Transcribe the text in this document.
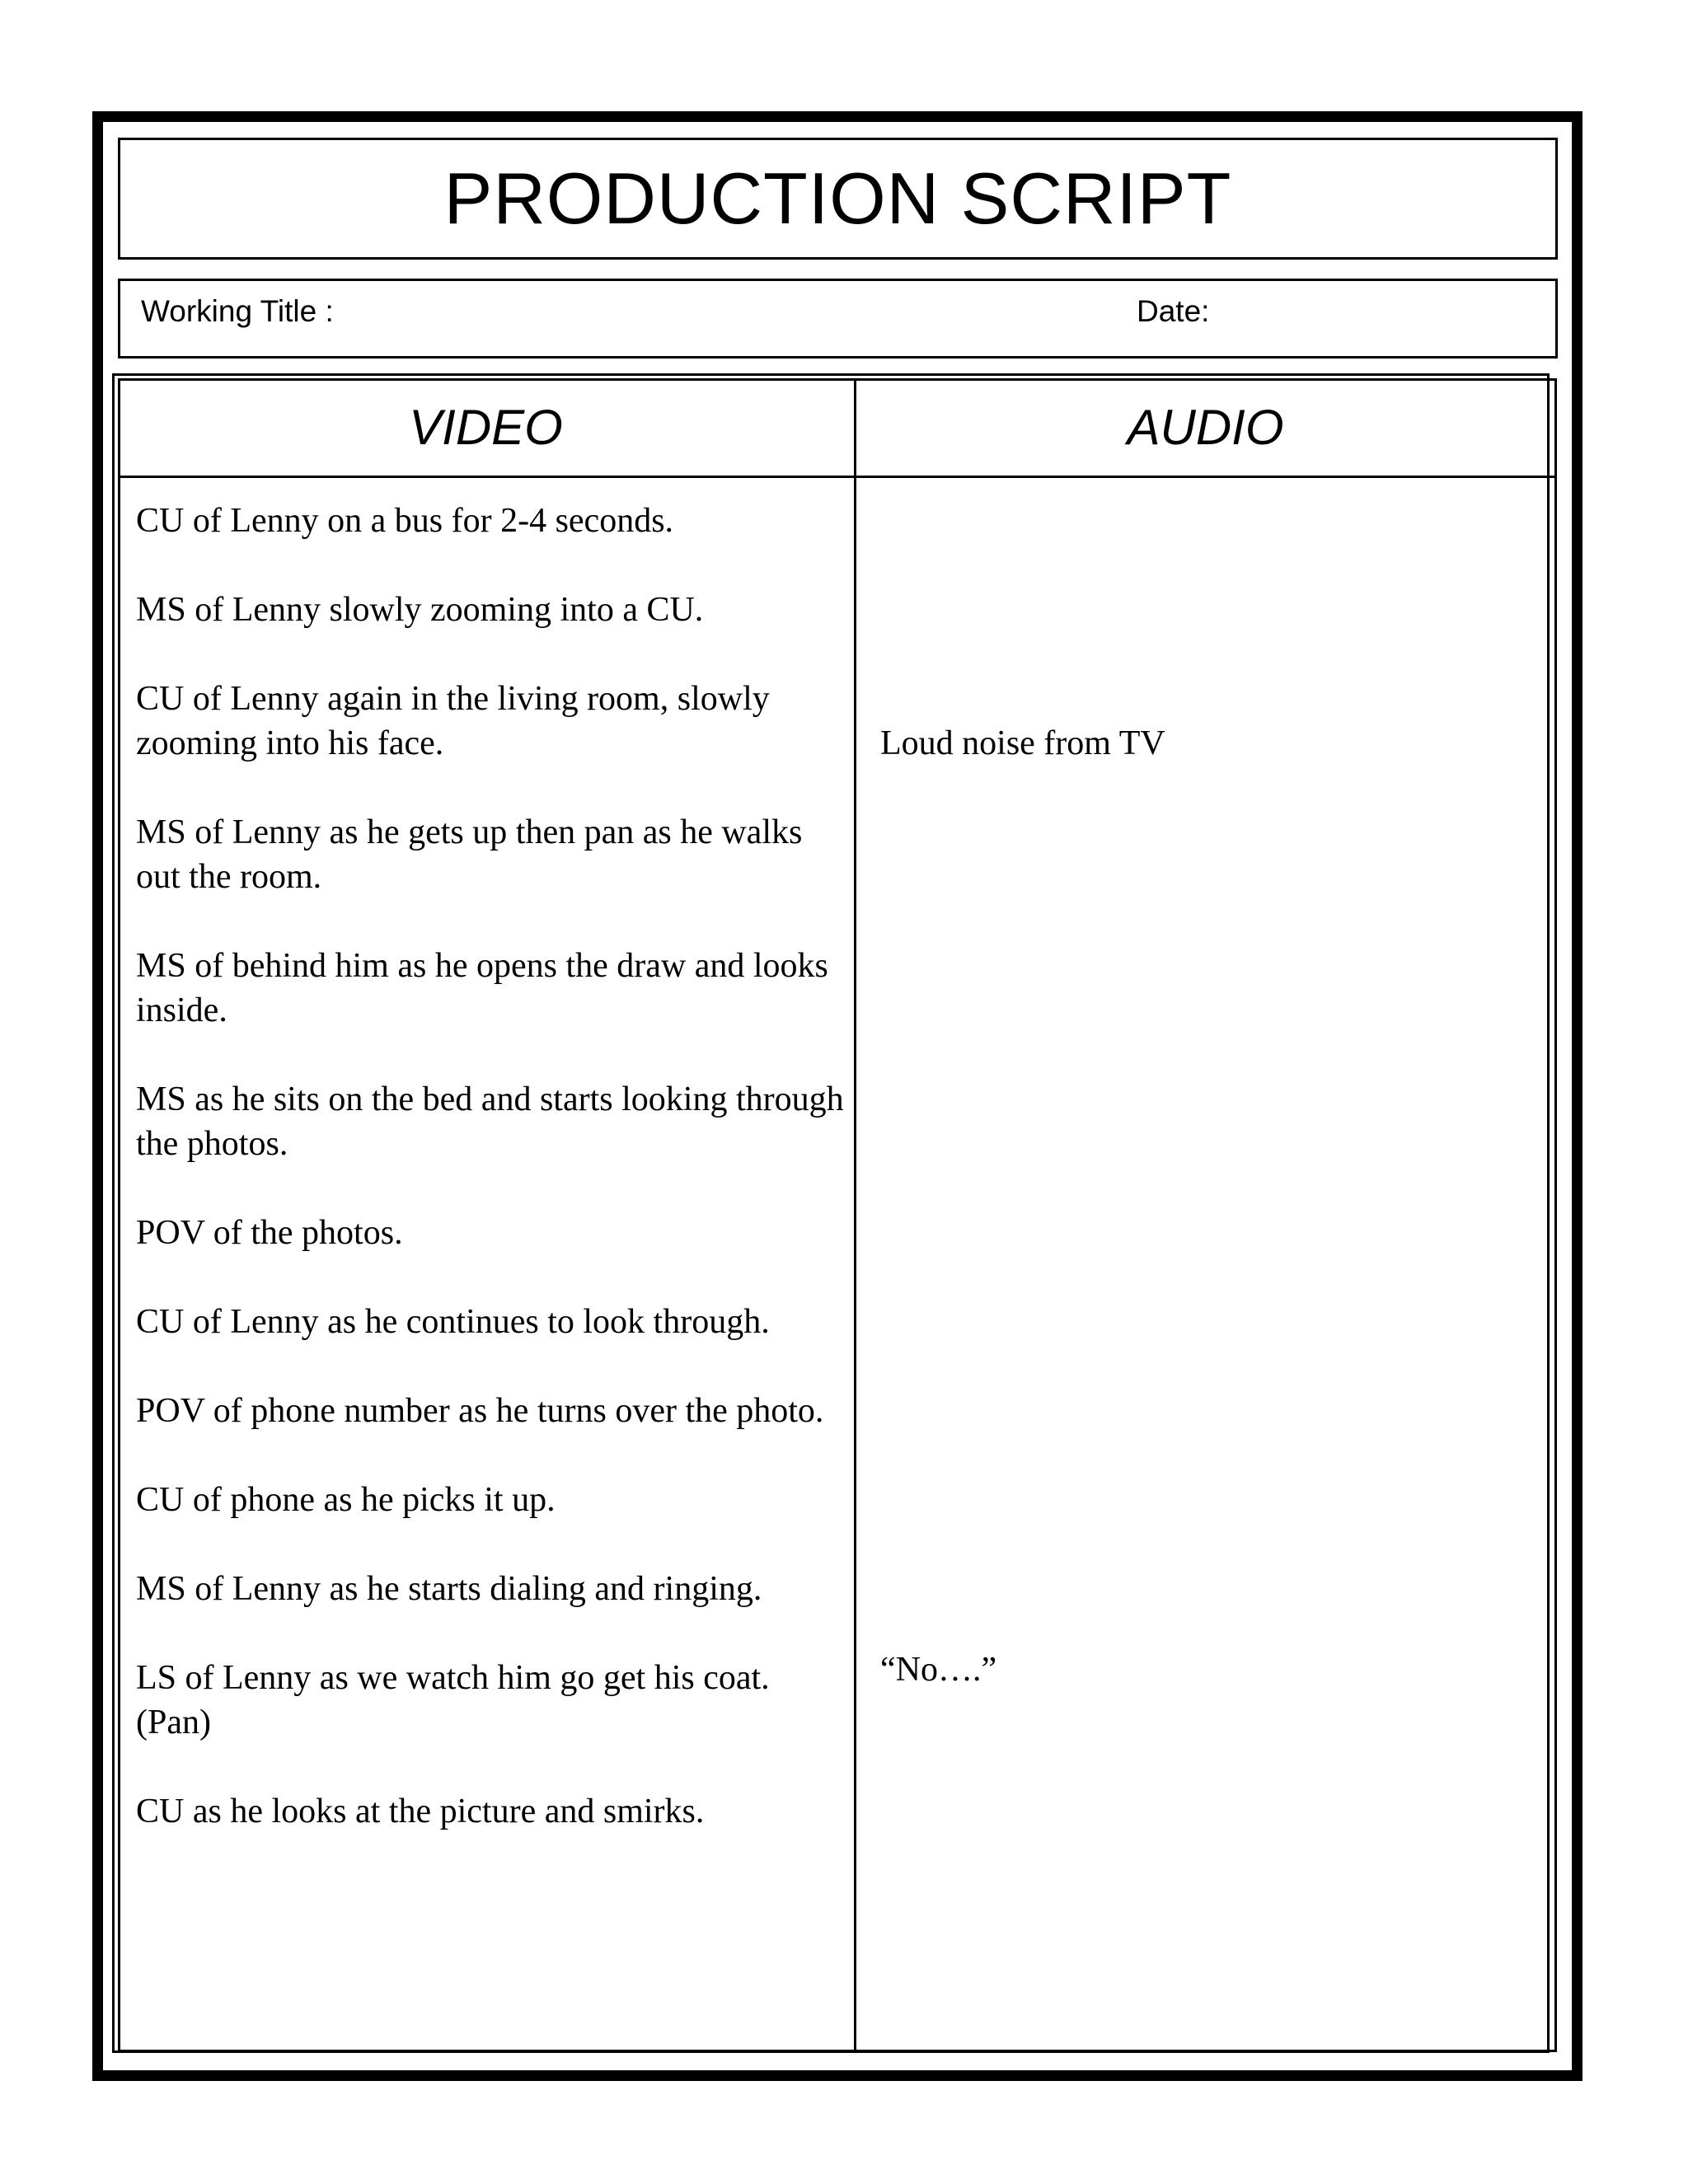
PRODUCTION SCRIPT
Working Title :	Date:
VIDEO	AUDIO

CU of Lenny on a bus for 2-4 seconds.

MS of Lenny slowly zooming into a CU.

CU of Lenny again in the living room, slowly zooming into his face.

MS of Lenny as he gets up then pan as he walks out the room.

MS of behind him as he opens the draw and looks inside.

MS as he sits on the bed and starts looking through the photos.

POV of the photos.

CU of Lenny as he continues to look through.

POV of phone number as he turns over the photo.

CU of phone as he picks it up.

MS of Lenny as he starts dialing and ringing.

LS of Lenny as we watch him go get his coat. (Pan)

CU as he looks at the picture and smirks.

Loud noise from TV
“No….”
